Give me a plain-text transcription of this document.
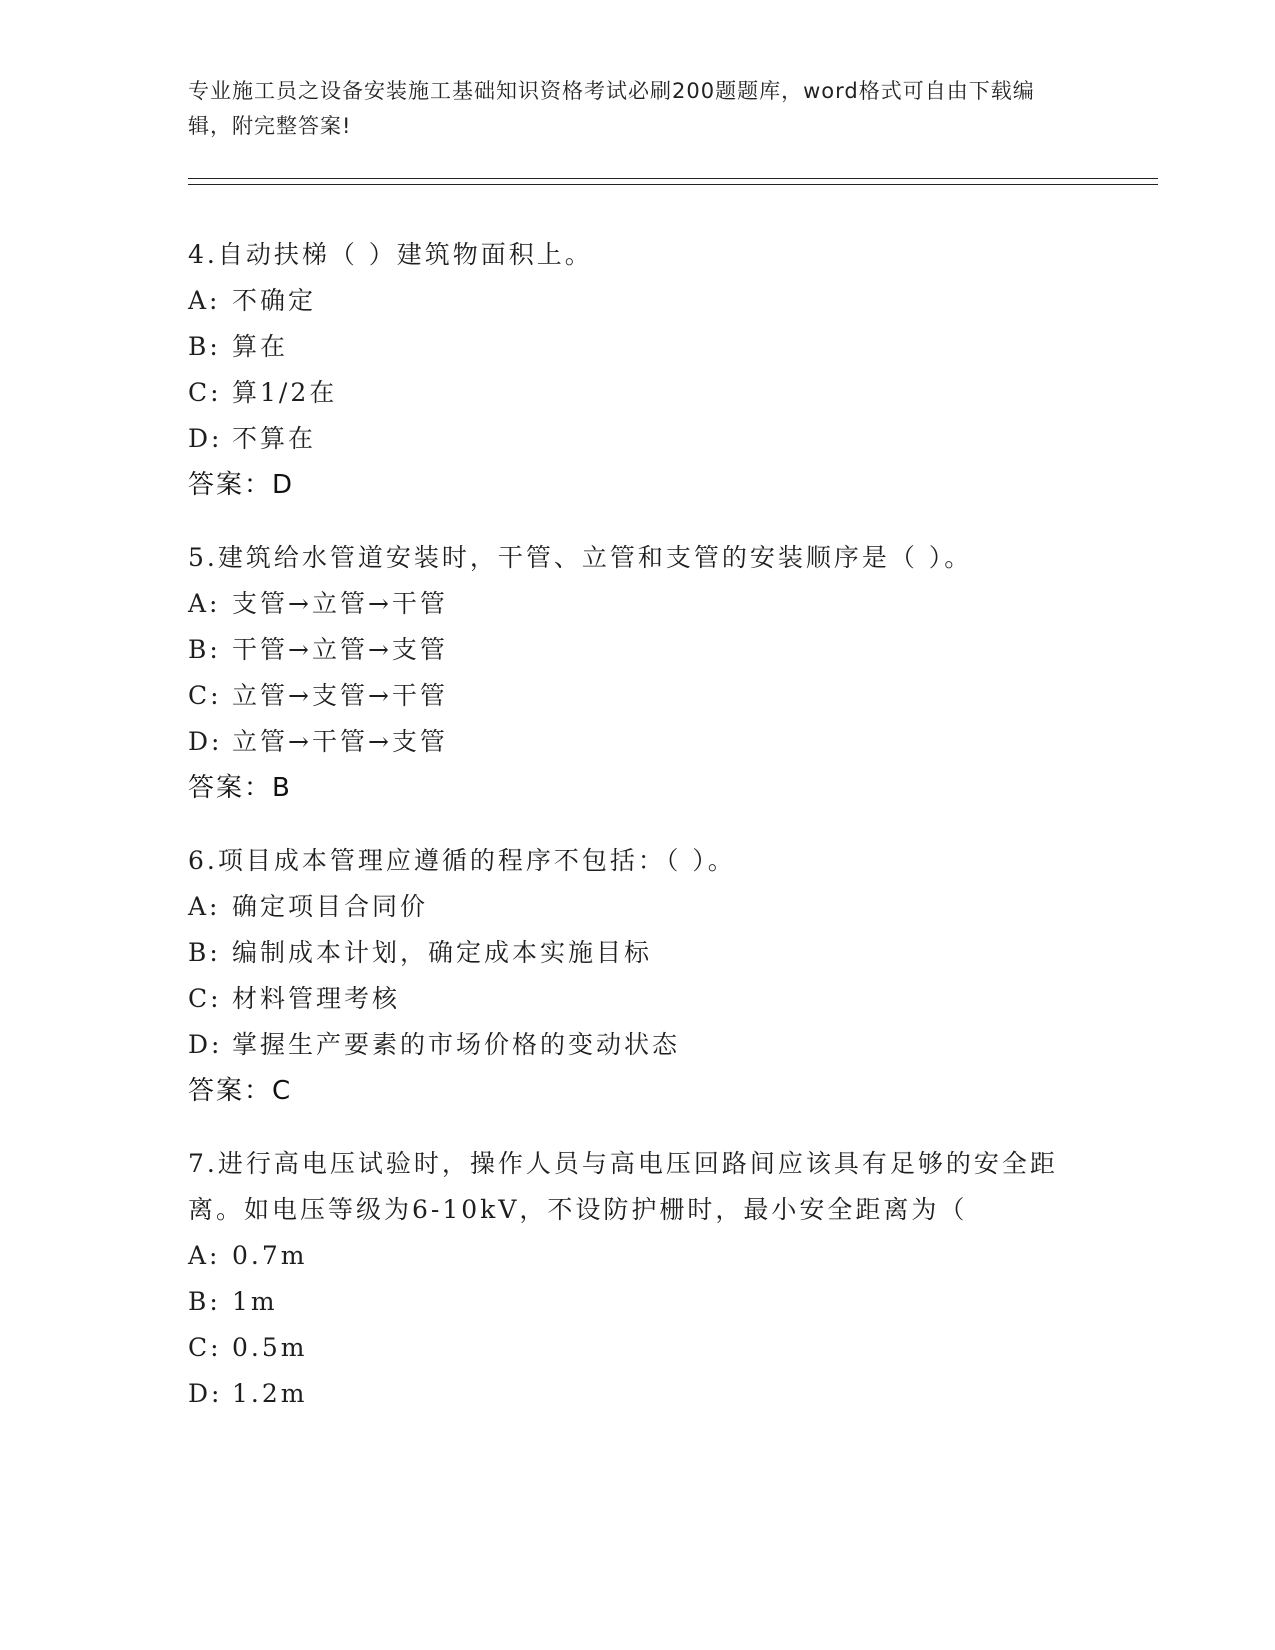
专业施工员之设备安装施工基础知识资格考试必刷200题题库，word格式可自由下载编辑，附完整答案!
4.自动扶梯（ ）建筑物面积上。
A: 不确定
B: 算在
C: 算1/2在
D: 不算在
答案：D
5.建筑给水管道安装时，干管、立管和支管的安装顺序是（ ）。
A: 支管→立管→干管
B: 干管→立管→支管
C: 立管→支管→干管
D: 立管→干管→支管
答案：B
6.项目成本管理应遵循的程序不包括：（ ）。
A: 确定项目合同价
B: 编制成本计划，确定成本实施目标
C: 材料管理考核
D: 掌握生产要素的市场价格的变动状态
答案：C
7.进行高电压试验时，操作人员与高电压回路间应该具有足够的安全距离。如电压等级为6-10kV，不设防护栅时，最小安全距离为（
A: 0.7m
B: 1m
C: 0.5m
D: 1.2m
